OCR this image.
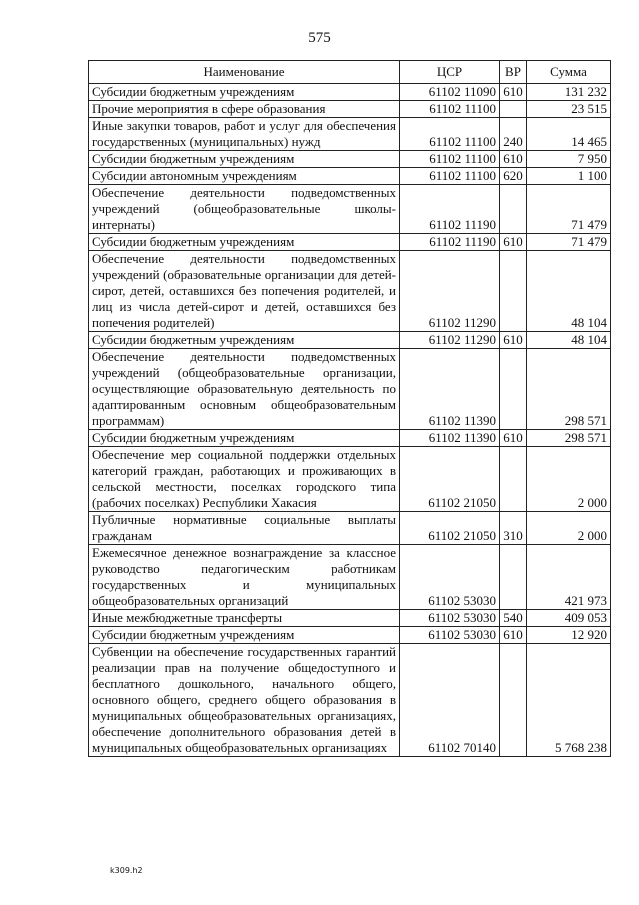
575
Наименование	ЦСР	ВР	Сумма
Субсидии бюджетным учреждениям	61102 11090	610	131 232
Прочие мероприятия в сфере образования	61102 11100		23 515
Иные закупки товаров, работ и услуг для обеспечения государственных (муниципальных) нужд	61102 11100	240	14 465
Субсидии бюджетным учреждениям	61102 11100	610	7 950
Субсидии автономным учреждениям	61102 11100	620	1 100
Обеспечение деятельности подведомственных учреждений (общеобразовательные школы-интернаты)	61102 11190		71 479
Субсидии бюджетным учреждениям	61102 11190	610	71 479
Обеспечение деятельности подведомственных учреждений (образовательные организации для детей-сирот, детей, оставшихся без попечения родителей, и лиц из числа детей-сирот и детей, оставшихся без попечения родителей)	61102 11290		48 104
Субсидии бюджетным учреждениям	61102 11290	610	48 104
Обеспечение деятельности подведомственных учреждений (общеобразовательные организации, осуществляющие образовательную деятельность по адаптированным основным общеобразовательным программам)	61102 11390		298 571
Субсидии бюджетным учреждениям	61102 11390	610	298 571
Обеспечение мер социальной поддержки отдельных категорий граждан, работающих и проживающих в сельской местности, поселках городского типа (рабочих поселках) Республики Хакасия	61102 21050		2 000
Публичные нормативные социальные выплаты гражданам	61102 21050	310	2 000
Ежемесячное денежное вознаграждение за классное руководство педагогическим работникам государственных и муниципальных общеобразовательных организаций	61102 53030		421 973
Иные межбюджетные трансферты	61102 53030	540	409 053
Субсидии бюджетным учреждениям	61102 53030	610	12 920
Субвенции на обеспечение государственных гарантий реализации прав на получение общедоступного и бесплатного дошкольного, начального общего, основного общего, среднего общего образования в муниципальных общеобразовательных организациях, обеспечение дополнительного образования детей в муниципальных общеобразовательных организациях	61102 70140		5 768 238
k309.h2
